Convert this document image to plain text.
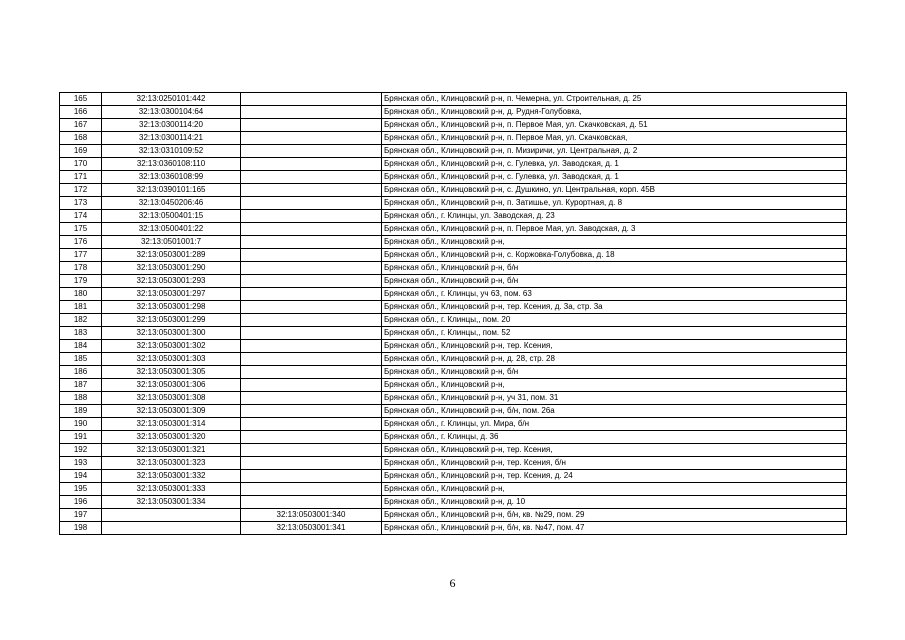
165	32:13:0250101:442		Брянская обл., Клинцовский р-н, п. Чемерна, ул. Строительная, д. 25
166	32:13:0300104:64		Брянская обл., Клинцовский р-н, д. Рудня-Голубовка,
167	32:13:0300114:20		Брянская обл., Клинцовский р-н, п. Первое Мая, ул. Скачковская, д. 51
168	32:13:0300114:21		Брянская обл., Клинцовский р-н, п. Первое Мая, ул. Скачковская,
169	32:13:0310109:52		Брянская обл., Клинцовский р-н, п. Мизиричи, ул. Центральная, д. 2
170	32:13:0360108:110		Брянская обл., Клинцовский р-н, с. Гулевка, ул. Заводская, д. 1
171	32:13:0360108:99		Брянская обл., Клинцовский р-н, с. Гулевка, ул. Заводская, д. 1
172	32:13:0390101:165		Брянская обл., Клинцовский р-н, с. Душкино, ул. Центральная, корп. 45В
173	32:13:0450206:46		Брянская обл., Клинцовский р-н, п. Затишье, ул. Курортная, д. 8
174	32:13:0500401:15		Брянская обл., г. Клинцы, ул. Заводская, д. 23
175	32:13:0500401:22		Брянская обл., Клинцовский р-н, п. Первое Мая, ул. Заводская, д. 3
176	32:13:0501001:7		Брянская обл., Клинцовский р-н,
177	32:13:0503001:289		Брянская обл., Клинцовский р-н, с. Коржовка-Голубовка, д. 18
178	32:13:0503001:290		Брянская обл., Клинцовский р-н, б/н
179	32:13:0503001:293		Брянская обл., Клинцовский р-н, б/н
180	32:13:0503001:297		Брянская обл., г. Клинцы, уч 63, пом. 63
181	32:13:0503001:298		Брянская обл., Клинцовский р-н, тер. Ксения, д. 3а, стр. 3а
182	32:13:0503001:299		Брянская обл., г. Клинцы,, пом. 20
183	32:13:0503001:300		Брянская обл., г. Клинцы,, пом. 52
184	32:13:0503001:302		Брянская обл., Клинцовский р-н, тер. Ксения,
185	32:13:0503001:303		Брянская обл., Клинцовский р-н, д. 28, стр. 28
186	32:13:0503001:305		Брянская обл., Клинцовский р-н, б/н
187	32:13:0503001:306		Брянская обл., Клинцовский р-н,
188	32:13:0503001:308		Брянская обл., Клинцовский р-н, уч 31, пом. 31
189	32:13:0503001:309		Брянская обл., Клинцовский р-н, б/н, пом. 26а
190	32:13:0503001:314		Брянская обл., г. Клинцы, ул. Мира, б/н
191	32:13:0503001:320		Брянская обл., г. Клинцы, д. 36
192	32:13:0503001:321		Брянская обл., Клинцовский р-н, тер. Ксения,
193	32:13:0503001:323		Брянская обл., Клинцовский р-н, тер. Ксения, б/н
194	32:13:0503001:332		Брянская обл., Клинцовский р-н, тер. Ксения, д. 24
195	32:13:0503001:333		Брянская обл., Клинцовский р-н,
196	32:13:0503001:334		Брянская обл., Клинцовский р-н, д. 10
197		32:13:0503001:340	Брянская обл., Клинцовский р-н, б/н, кв. №29, пом. 29
198		32:13:0503001:341	Брянская обл., Клинцовский р-н, б/н, кв. №47, пом. 47
6
